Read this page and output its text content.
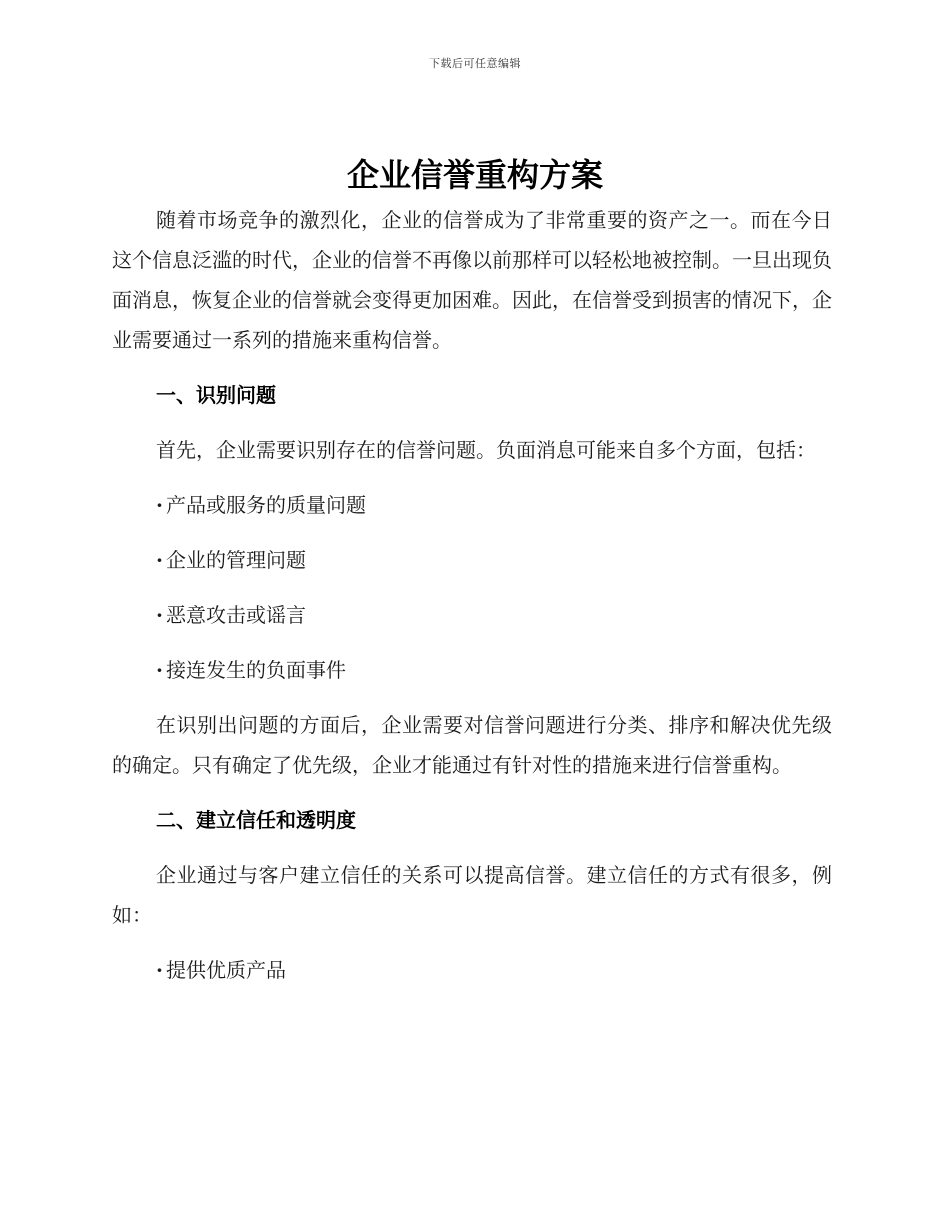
下载后可任意编辑
企业信誉重构方案

随着市场竞争的激烈化，企业的信誉成为了非常重要的资产之一。而在今日这个信息泛滥的时代，企业的信誉不再像以前那样可以轻松地被控制。一旦出现负面消息，恢复企业的信誉就会变得更加困难。因此，在信誉受到损害的情况下，企业需要通过一系列的措施来重构信誉。

一、识别问题

首先，企业需要识别存在的信誉问题。负面消息可能来自多个方面，包括：

· 产品或服务的质量问题

· 企业的管理问题

· 恶意攻击或谣言

· 接连发生的负面事件

在识别出问题的方面后，企业需要对信誉问题进行分类、排序和解决优先级的确定。只有确定了优先级，企业才能通过有针对性的措施来进行信誉重构。

二、建立信任和透明度

企业通过与客户建立信任的关系可以提高信誉。建立信任的方式有很多，例如：

· 提供优质产品
